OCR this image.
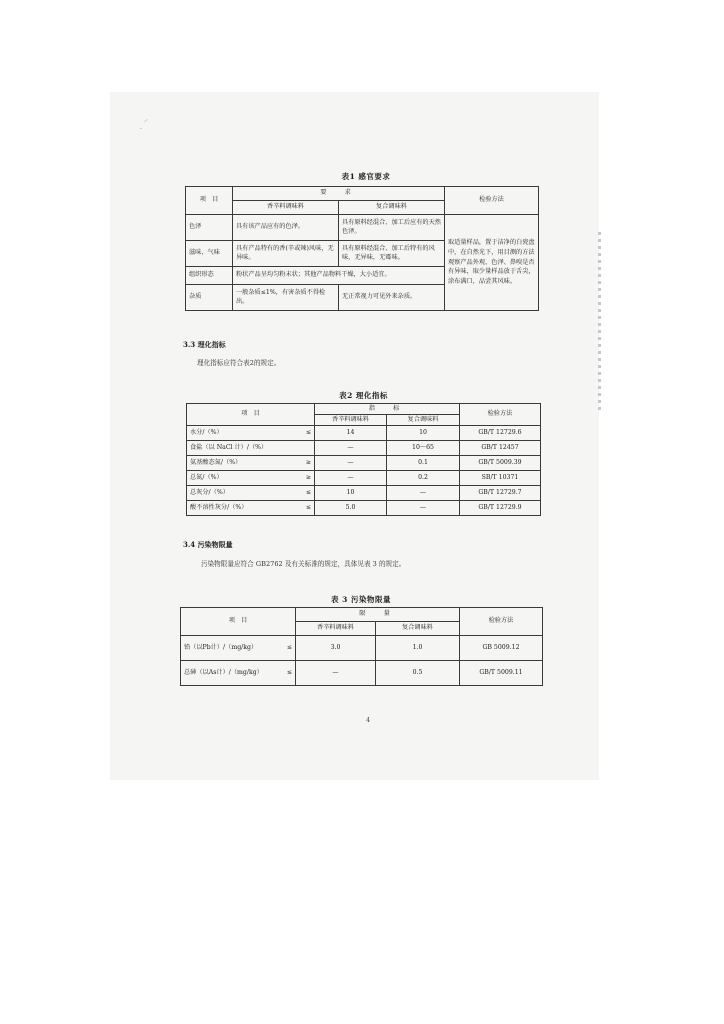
表1 感官要求
项　目	要　求		检验方法
	香辛料调味料	复合调味料	
色泽	具有该产品应有的色泽。	具有原料经混合、加工后应有的天然色泽。	取适量样品，置于洁净的白瓷盘中，在自然光下，用目测的方法观察产品外观、色泽、鼻嗅是否有异味，取少量样品放于舌尖，涂布满口，品尝其风味。
滋味、气味	具有产品特有的香(辛或辣)风味，无异味。	具有原料经混合、加工后特有的风味，无异味，无霉味。	
组织形态	粉状产品呈均匀粉末状；其他产品物料干燥，大小适宜。		
杂质	一般杂质≤1%，有害杂质不得检出。	无正常视力可见外来杂质。	
3.3 理化指标
理化指标应符合表2的规定。
表2 理化指标
项　目	指　标		检验方法
	香辛料调味料	复合调味料	
水分/（%） ≤	14	10	GB/T 12729.6
食盐（以 NaCl 计）/（%）	—	10～65	GB/T 12457
氨基酸态氮/（%） ≥	—	0.1	GB/T 5009.39
总氮/（%） ≥	—	0.2	SB/T 10371
总灰分/（%） ≤	10	—	GB/T 12729.7
酸不溶性灰分/（%） ≤	5.0	—	GB/T 12729.9
3.4 污染物限量
污染物限量应符合 GB2762 及有关标准的规定，具体见表 3 的规定。
表 3 污染物限量
项　目	限　量		检验方法
	香辛料调味料	复合调味料	
铅（以Pb计）/（mg/kg） ≤	3.0	1.0	GB 5009.12
总砷（以As计）/（mg/kg） ≤	—	0.5	GB/T 5009.11
4
